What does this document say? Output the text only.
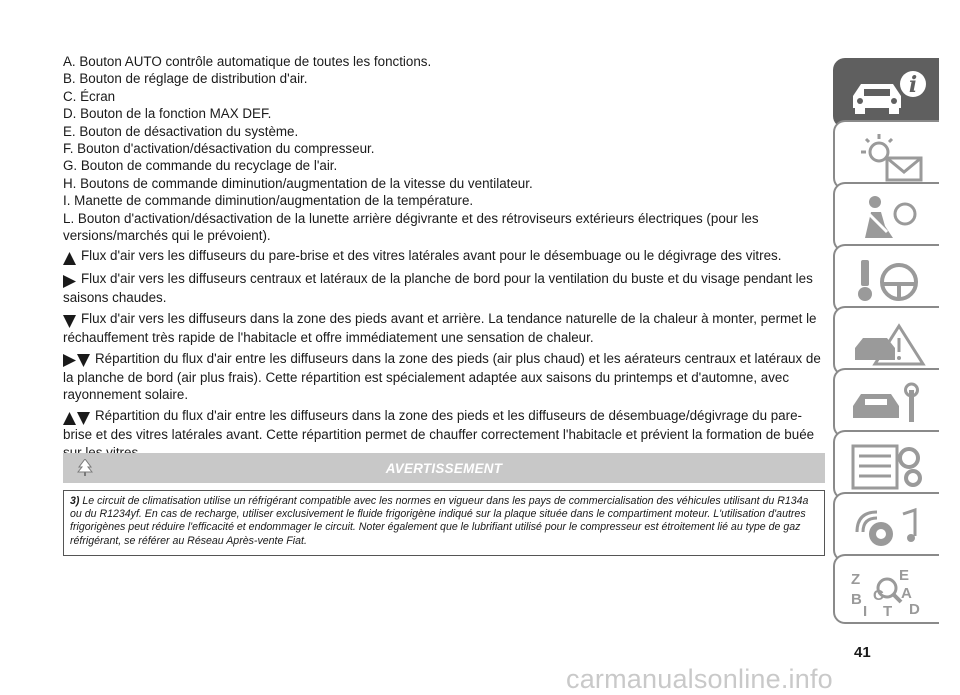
A. Bouton AUTO contrôle automatique de toutes les fonctions.

B. Bouton de réglage de distribution d'air.

C. Écran

D. Bouton de la fonction MAX DEF.

E. Bouton de désactivation du système.

F. Bouton d'activation/désactivation du compresseur.

G. Bouton de commande du recyclage de l'air.

H. Boutons de commande diminution/augmentation de la vitesse du ventilateur.

I. Manette de commande diminution/augmentation de la température.

L. Bouton d'activation/désactivation de la lunette arrière dégivrante et des rétroviseurs extérieurs électriques (pour les versions/marchés qui le prévoient).

Flux d'air vers les diffuseurs du pare-brise et des vitres latérales avant pour le désembuage ou le dégivrage des vitres.

Flux d'air vers les diffuseurs centraux et latéraux de la planche de bord pour la ventilation du buste et du visage pendant les saisons chaudes.

Flux d'air vers les diffuseurs dans la zone des pieds avant et arrière. La tendance naturelle de la chaleur à monter, permet le réchauffement très rapide de l'habitacle et offre immédiatement une sensation de chaleur.

Répartition du flux d'air entre les diffuseurs dans la zone des pieds (air plus chaud) et les aérateurs centraux et latéraux de la planche de bord (air plus frais). Cette répartition est spécialement adaptée aux saisons du printemps et d'automne, avec rayonnement solaire.

Répartition du flux d'air entre les diffuseurs dans la zone des pieds et les diffuseurs de désembuage/dégivrage du pare-brise et des vitres latérales avant. Cette répartition permet de chauffer correctement l'habitacle et prévient la formation de buée

AVERTISSEMENT

3) Le circuit de climatisation utilise un réfrigérant compatible avec les normes en vigueur dans les pays de commercialisation des véhicules utilisant du R134a ou du R1234yf. En cas de recharge, utiliser exclusivement le fluide frigorigène indiqué sur la plaque située dans le compartiment moteur. L'utilisation d'autres frigorigènes peut réduire l'efficacité et endommager le circuit. Noter également que le lubrifiant utilisé pour le compresseur est étroitement lié au type de gaz réfrigérant, se référer au Réseau Après-vente Fiat.

i
Z	E
B	A
C
I T D
41
carmanualsonline.info
